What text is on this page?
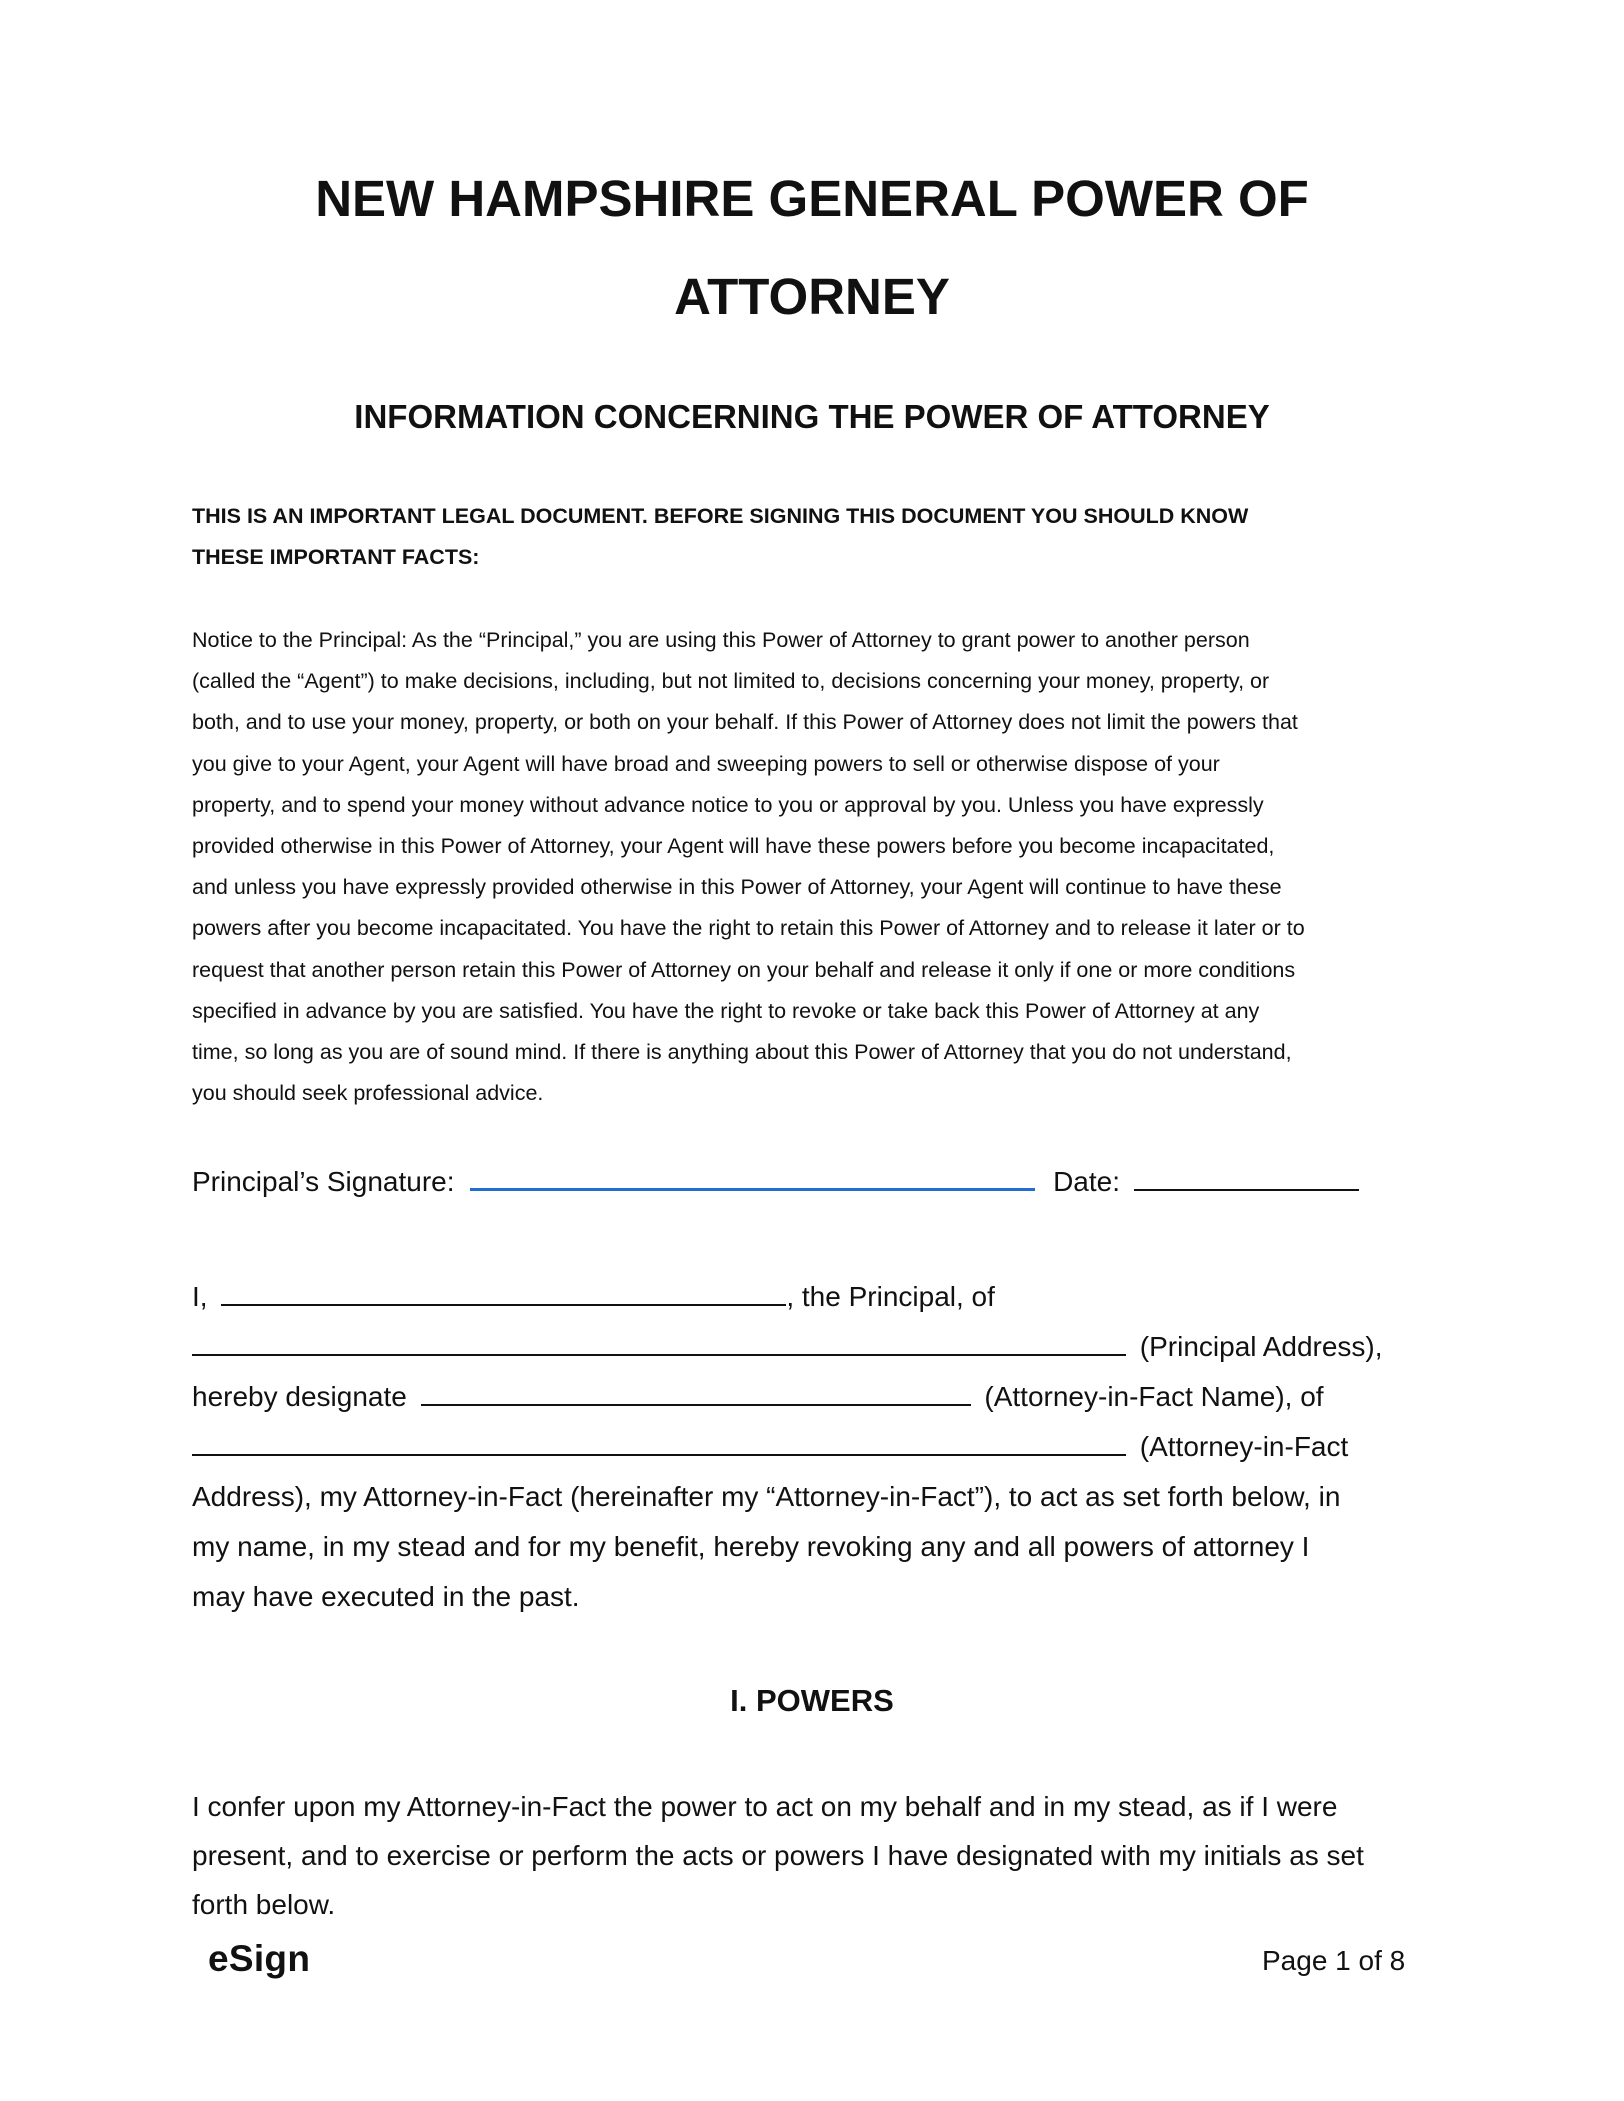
NEW HAMPSHIRE GENERAL POWER OF
ATTORNEY
INFORMATION CONCERNING THE POWER OF ATTORNEY
THIS IS AN IMPORTANT LEGAL DOCUMENT. BEFORE SIGNING THIS DOCUMENT YOU SHOULD KNOW
THESE IMPORTANT FACTS:
Notice to the Principal: As the “Principal,” you are using this Power of Attorney to grant power to another person
(called the “Agent”) to make decisions, including, but not limited to, decisions concerning your money, property, or
both, and to use your money, property, or both on your behalf. If this Power of Attorney does not limit the powers that
you give to your Agent, your Agent will have broad and sweeping powers to sell or otherwise dispose of your
property, and to spend your money without advance notice to you or approval by you. Unless you have expressly
provided otherwise in this Power of Attorney, your Agent will have these powers before you become incapacitated,
and unless you have expressly provided otherwise in this Power of Attorney, your Agent will continue to have these
powers after you become incapacitated. You have the right to retain this Power of Attorney and to release it later or to
request that another person retain this Power of Attorney on your behalf and release it only if one or more conditions
specified in advance by you are satisfied. You have the right to revoke or take back this Power of Attorney at any
time, so long as you are of sound mind. If there is anything about this Power of Attorney that you do not understand,
you should seek professional advice.
Principal’s Signature:	Date:
I,	, the Principal, of
(Principal Address),
hereby designate	(Attorney-in-Fact Name), of
(Attorney-in-Fact
Address), my Attorney-in-Fact (hereinafter my “Attorney-in-Fact”), to act as set forth below, in
my name, in my stead and for my benefit, hereby revoking any and all powers of attorney I
may have executed in the past.
I. POWERS
I confer upon my Attorney-in-Fact the power to act on my behalf and in my stead, as if I were
present, and to exercise or perform the acts or powers I have designated with my initials as set
forth below.
eSign	Page 1 of 8
